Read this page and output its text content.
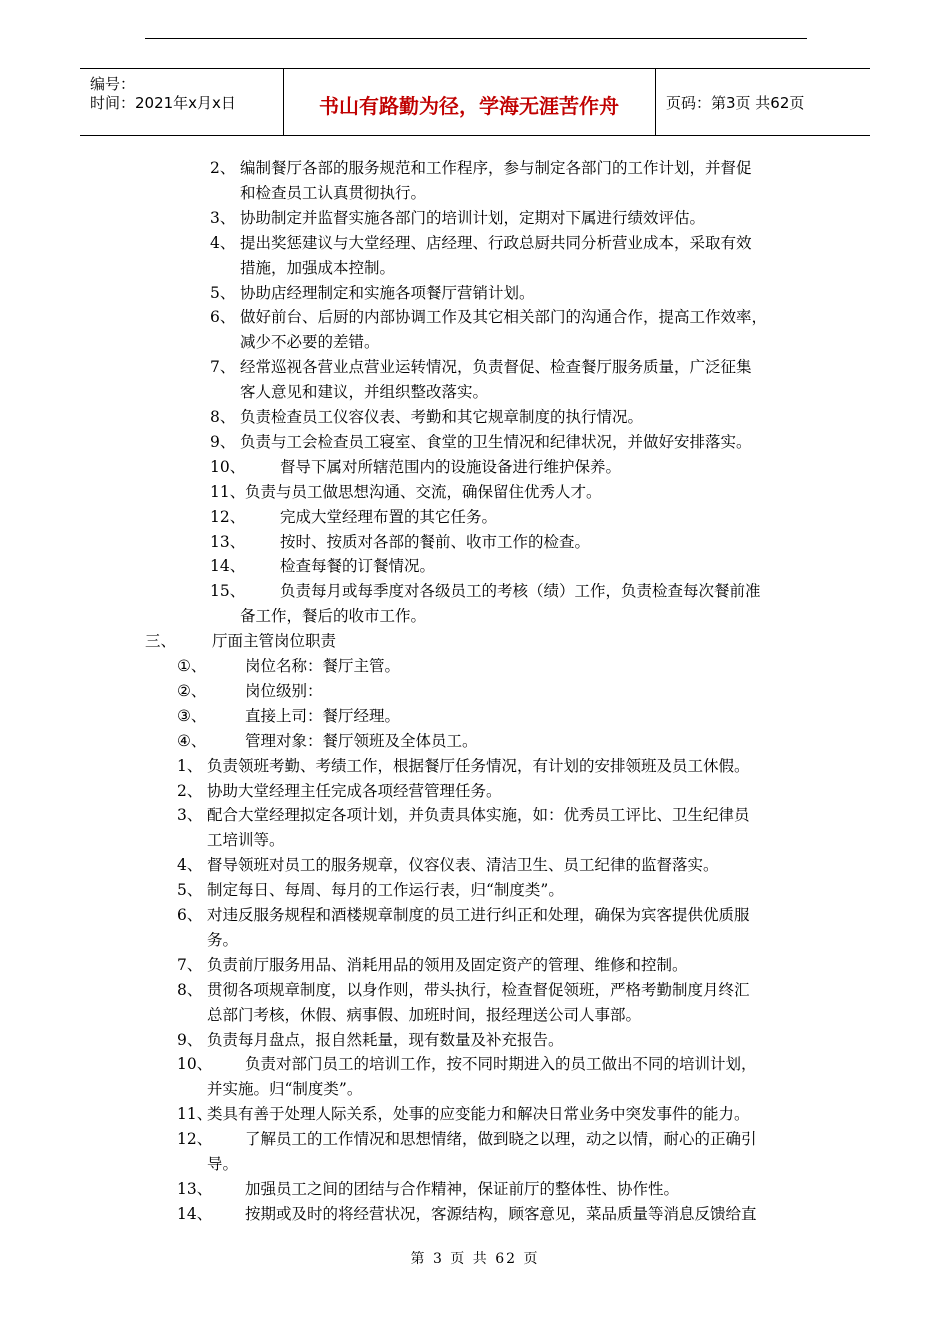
编号：
时间：2021年x月x日	书山有路勤为径，学海无涯苦作舟	页码：第3页 共62页
2、 编制餐厅各部的服务规范和工作程序，参与制定各部门的工作计划，并督促
和检查员工认真贯彻执行。
3、 协助制定并监督实施各部门的培训计划，定期对下属进行绩效评估。
4、 提出奖惩建议与大堂经理、店经理、行政总厨共同分析营业成本，采取有效
措施，加强成本控制。
5、 协助店经理制定和实施各项餐厅营销计划。
6、 做好前台、后厨的内部协调工作及其它相关部门的沟通合作，提高工作效率，
减少不必要的差错。
7、 经常巡视各营业点营业运转情况，负责督促、检查餐厅服务质量，广泛征集
客人意见和建议，并组织整改落实。
8、 负责检查员工仪容仪表、考勤和其它规章制度的执行情况。
9、 负责与工会检查员工寝室、食堂的卫生情况和纪律状况，并做好安排落实。
10、 督导下属对所辖范围内的设施设备进行维护保养。
11、 负责与员工做思想沟通、交流，确保留住优秀人才。
12、 完成大堂经理布置的其它任务。
13、 按时、按质对各部的餐前、收市工作的检查。
14、 检查每餐的订餐情况。
15、 负责每月或每季度对各级员工的考核（绩）工作，负责检查每次餐前准
备工作，餐后的收市工作。
三、 厅面主管岗位职责
①、 岗位名称：餐厅主管。
②、 岗位级别：
③、 直接上司：餐厅经理。
④、 管理对象：餐厅领班及全体员工。
1、 负责领班考勤、考绩工作，根据餐厅任务情况，有计划的安排领班及员工休假。
2、 协助大堂经理主任完成各项经营管理任务。
3、 配合大堂经理拟定各项计划，并负责具体实施，如：优秀员工评比、卫生纪律员
工培训等。
4、 督导领班对员工的服务规章，仪容仪表、清洁卫生、员工纪律的监督落实。
5、 制定每日、每周、每月的工作运行表，归“制度类”。
6、 对违反服务规程和酒楼规章制度的员工进行纠正和处理，确保为宾客提供优质服
务。
7、 负责前厅服务用品、消耗用品的领用及固定资产的管理、维修和控制。
8、 贯彻各项规章制度，以身作则，带头执行，检查督促领班，严格考勤制度月终汇
总部门考核，休假、病事假、加班时间，报经理送公司人事部。
9、 负责每月盘点，报自然耗量，现有数量及补充报告。
10、 负责对部门员工的培训工作，按不同时期进入的员工做出不同的培训计划，
并实施。归“制度类”。
11、
类具有善于处理人际关系，处事的应变能力和解决日常业务中突发事件的能力。
12、 了解员工的工作情况和思想情绪，做到晓之以理，动之以情，耐心的正确引
导。
13、 加强员工之间的团结与合作精神，保证前厅的整体性、协作性。
14、 按期或及时的将经营状况，客源结构，顾客意见，菜品质量等消息反馈给直
第 3 页 共 62 页
